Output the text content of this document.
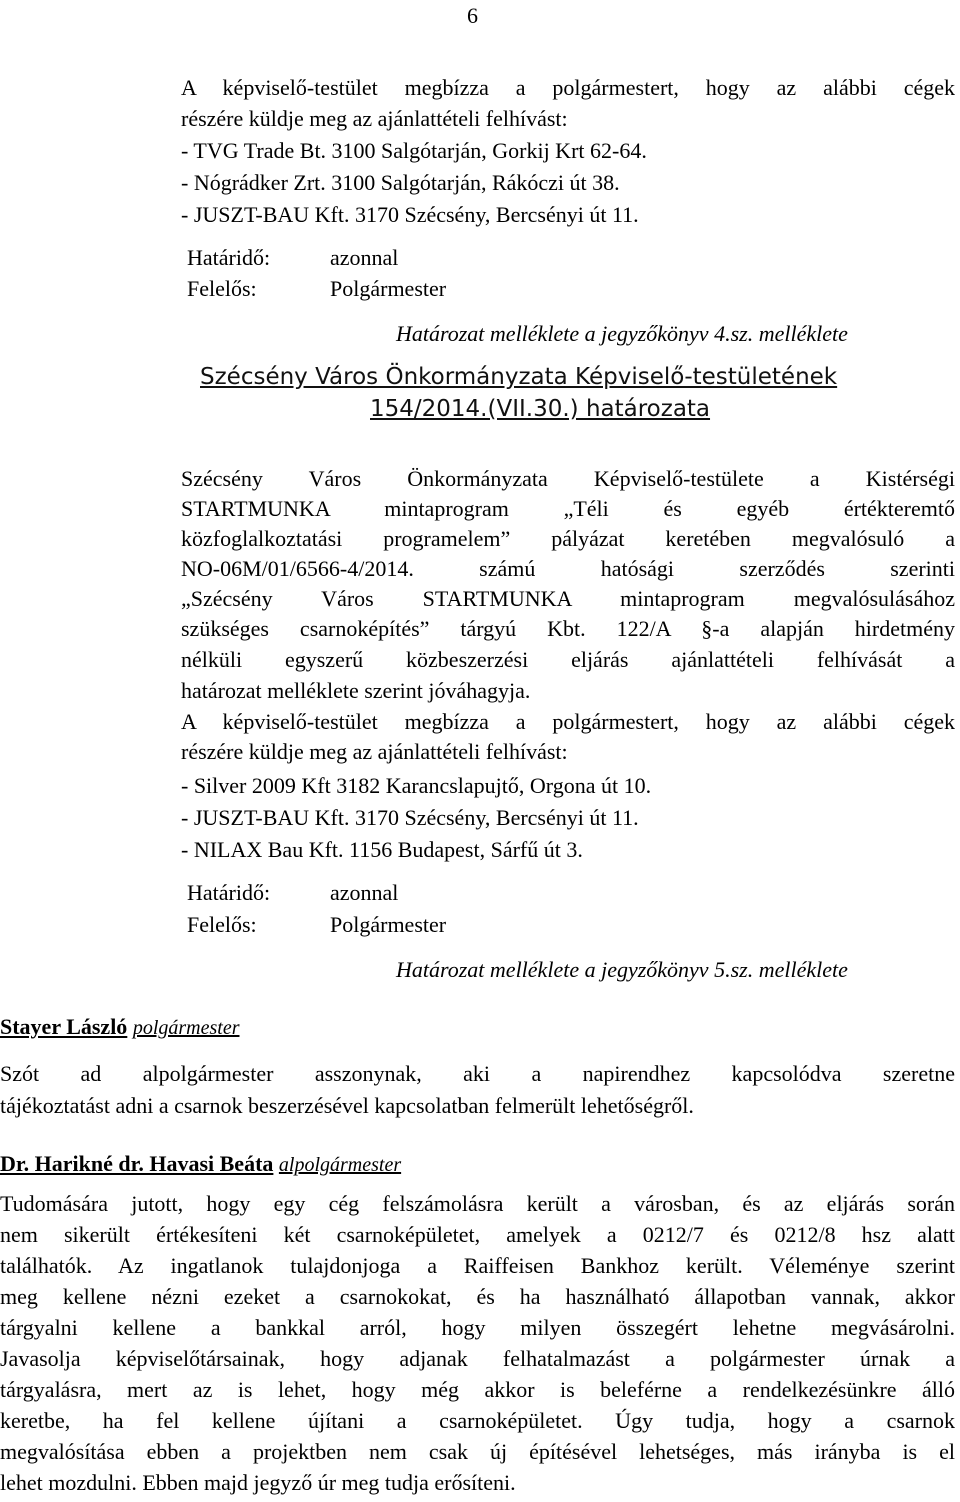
6
A képviselő-testület megbízza a polgármestert, hogy az alábbi cégek
részére küldje meg az ajánlattételi felhívást:
- TVG Trade Bt. 3100 Salgótarján, Gorkij Krt 62-64.
- Nógrádker Zrt. 3100 Salgótarján, Rákóczi út 38.
- JUSZT-BAU Kft. 3170 Szécsény, Bercsényi út 11.
Határidő:	azonnal
Felelős:	Polgármester
Határozat melléklete a jegyzőkönyv 4.sz. melléklete
Szécsény Város Önkormányzata Képviselő-testületének
154/2014.(VII.30.) határozata
Szécsény Város Önkormányzata Képviselő-testülete a Kistérségi
STARTMUNKA mintaprogram „Téli és egyéb értékteremtő
közfoglalkoztatási programelem” pályázat keretében megvalósuló a
NO-06M/01/6566-4/2014. számú hatósági szerződés szerinti
„Szécsény Város STARTMUNKA mintaprogram megvalósulásához
szükséges csarnoképítés” tárgyú Kbt. 122/A §-a alapján hirdetmény
nélküli egyszerű közbeszerzési eljárás ajánlattételi felhívását a
határozat melléklete szerint jóváhagyja.
A képviselő-testület megbízza a polgármestert, hogy az alábbi cégek
részére küldje meg az ajánlattételi felhívást:
- Silver 2009 Kft 3182 Karancslapujtő, Orgona út 10.
- JUSZT-BAU Kft. 3170 Szécsény, Bercsényi út 11.
- NILAX Bau Kft. 1156 Budapest, Sárfű út 3.
Határidő:	azonnal
Felelős:	Polgármester
Határozat melléklete a jegyzőkönyv 5.sz. melléklete
Stayer László polgármester
Szót ad alpolgármester asszonynak, aki a napirendhez kapcsolódva szeretne
tájékoztatást adni a csarnok beszerzésével kapcsolatban felmerült lehetőségről.
Dr. Harikné dr. Havasi Beáta alpolgármester
Tudomására jutott, hogy egy cég felszámolásra került a városban, és az eljárás során
nem sikerült értékesíteni két csarnoképületet, amelyek a 0212/7 és 0212/8 hsz alatt
találhatók. Az ingatlanok tulajdonjoga a Raiffeisen Bankhoz került. Véleménye szerint
meg kellene nézni ezeket a csarnokokat, és ha használható állapotban vannak, akkor
tárgyalni kellene a bankkal arról, hogy milyen összegért lehetne megvásárolni.
Javasolja képviselőtársainak, hogy adjanak felhatalmazást a polgármester úrnak a
tárgyalásra, mert az is lehet, hogy még akkor is beleférne a rendelkezésünkre álló
keretbe, ha fel kellene újítani a csarnoképületet. Úgy tudja, hogy a csarnok
megvalósítása ebben a projektben nem csak új építésével lehetséges, más irányba is el
lehet mozdulni. Ebben majd jegyző úr meg tudja erősíteni.
